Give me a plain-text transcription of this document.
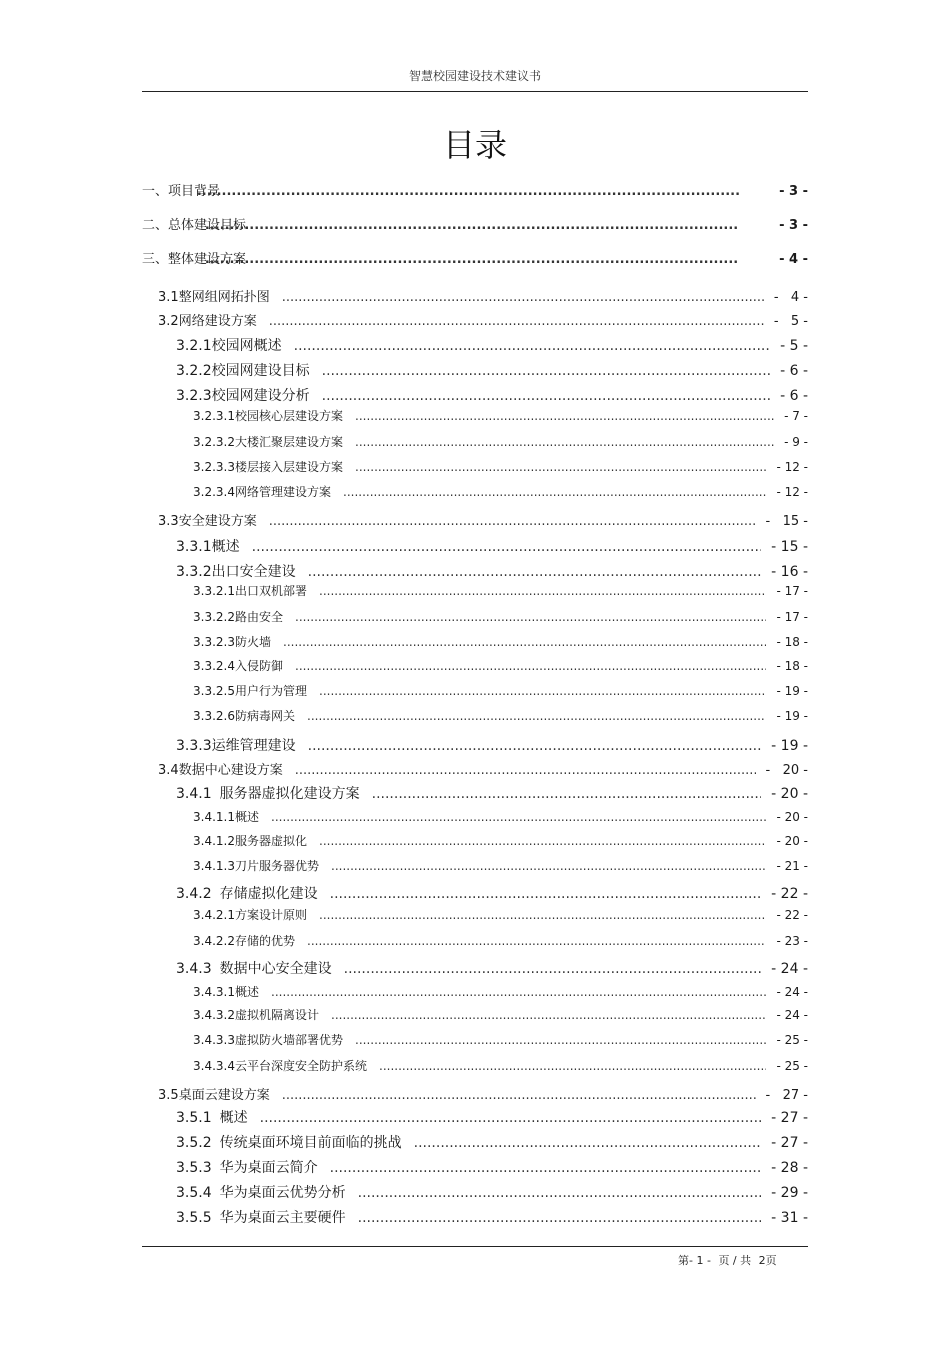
智慧校园建设技术建议书
目录
一、 项目背景 .....	- 3 -
二、 总体建设目标 .....	- 3 -
三、 整体建设方案 .....	- 4 -
3.1 整网组网拓扑图 .....	-   4 -
3.2 网络建设方案 .....	-   5 -
3.2.1 校园网概述 .....	- 5 -
3.2.2 校园网建设目标 .....	- 6 -
3.2.3 校园网建设分析 .....	- 6 -
3.2.3.1 校园核心层建设方案 .....	- 7 -
3.2.3.2 大楼汇聚层建设方案 .....	- 9 -
3.2.3.3 楼层接入层建设方案 .....	- 12 -
3.2.3.4 网络管理建设方案 .....	- 12 -
3.3 安全建设方案 .....	-   15 -
3.3.1 概述 .....	- 15 -
3.3.2 出口安全建设 .....	- 16 -
3.3.2.1 出口双机部署 .....	- 17 -
3.3.2.2 路由安全 .....	- 17 -
3.3.2.3 防火墙 .....	- 18 -
3.3.2.4 入侵防御 .....	- 18 -
3.3.2.5 用户行为管理 .....	- 19 -
3.3.2.6 防病毒网关 .....	- 19 -
3.3.3 运维管理建设 .....	- 19 -
3.4 数据中心建设方案 .....	-   20 -
3.4.1 服务器虚拟化建设方案 .....	- 20 -
3.4.1.1 概述 .....	- 20 -
3.4.1.2 服务器虚拟化 .....	- 20 -
3.4.1.3 刀片服务器优势 .....	- 21 -
3.4.2 存储虚拟化建设 .....	- 22 -
3.4.2.1 方案设计原则 .....	- 22 -
3.4.2.2 存储的优势 .....	- 23 -
3.4.3 数据中心安全建设 .....	- 24 -
3.4.3.1 概述 .....	- 24 -
3.4.3.2 虚拟机隔离设计 .....	- 24 -
3.4.3.3 虚拟防火墙部署优势 .....	- 25 -
3.4.3.4 云平台深度安全防护系统 .....	- 25 -
3.5 桌面云建设方案 .....	-   27 -
3.5.1 概述 .....	- 27 -
3.5.2 传统桌面环境目前面临的挑战 .....	- 27 -
3.5.3 华为桌面云简介 .....	- 28 -
3.5.4 华为桌面云优势分析 .....	- 29 -
3.5.5 华为桌面云主要硬件 .....	- 31 -
第- 1 - 页 / 共 2页
